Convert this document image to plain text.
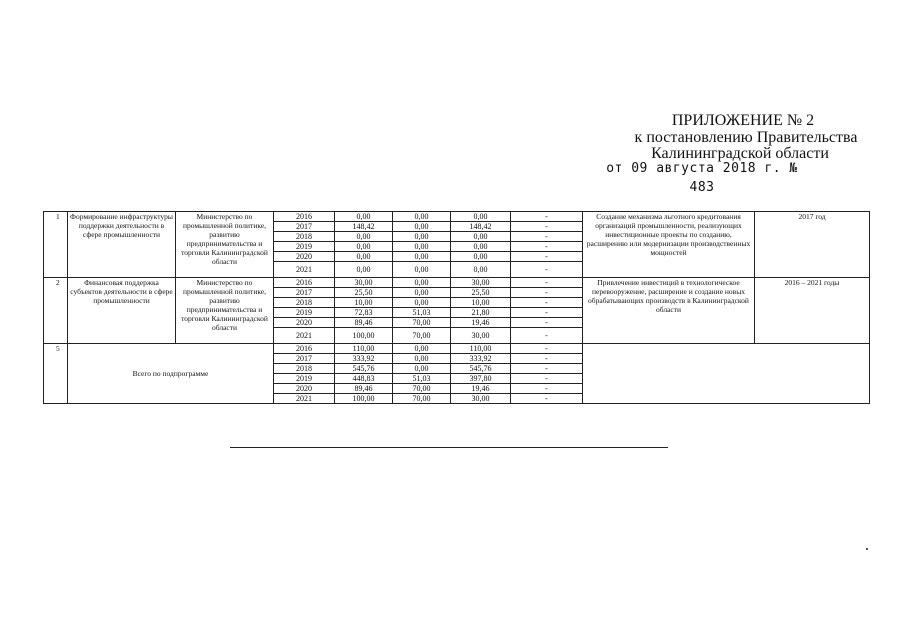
ПРИЛОЖЕНИЕ № 2
к постановлению Правительства
Калининградской области
от 09 августа 2018 г. № 483
1	Формирование инфраструктуры поддержки деятельности в сфере промышленности	Министерство по промышленной политике, развитию предпринимательства и торговли Калининградской области	2016	0,00	0,00	0,00	-	Создание механизма льготного кредитования организаций промышленности, реализующих инвестиционные проекты по созданию, расширению или модернизации производственных мощностей	2017 год
			2017	148,42	0,00	148,42	-		
			2018	0,00	0,00	0,00	-		
			2019	0,00	0,00	0,00	-		
			2020	0,00	0,00	0,00	-		
			2021	0,00	0,00	0,00	-		
2	Финансовая поддержка субъектов деятельности в сфере промышленности	Министерство по промышленной политике, развитию предпринимательства и торговли Калининградской области	2016	30,00	0,00	30,00	-	Привлечение инвестиций в технологическое перевооружение, расширение и создание новых обрабатывающих производств в Калининградской области	2016 – 2021 годы
			2017	25,50	0,00	25,50	-		
			2018	10,00	0,00	10,00	-		
			2019	72,83	51,03	21,80	-		
			2020	89,46	70,00	19,46	-		
			2021	100,00	70,00	30,00	-		
5	Всего по подпрограмме		2016	110,00	0,00	110,00	-		
			2017	333,92	0,00	333,92	-		
			2018	545,76	0,00	545,76	-		
			2019	448,83	51,03	397,80	-		
			2020	89,46	70,00	19,46	-		
			2021	100,00	70,00	30,00	-		
